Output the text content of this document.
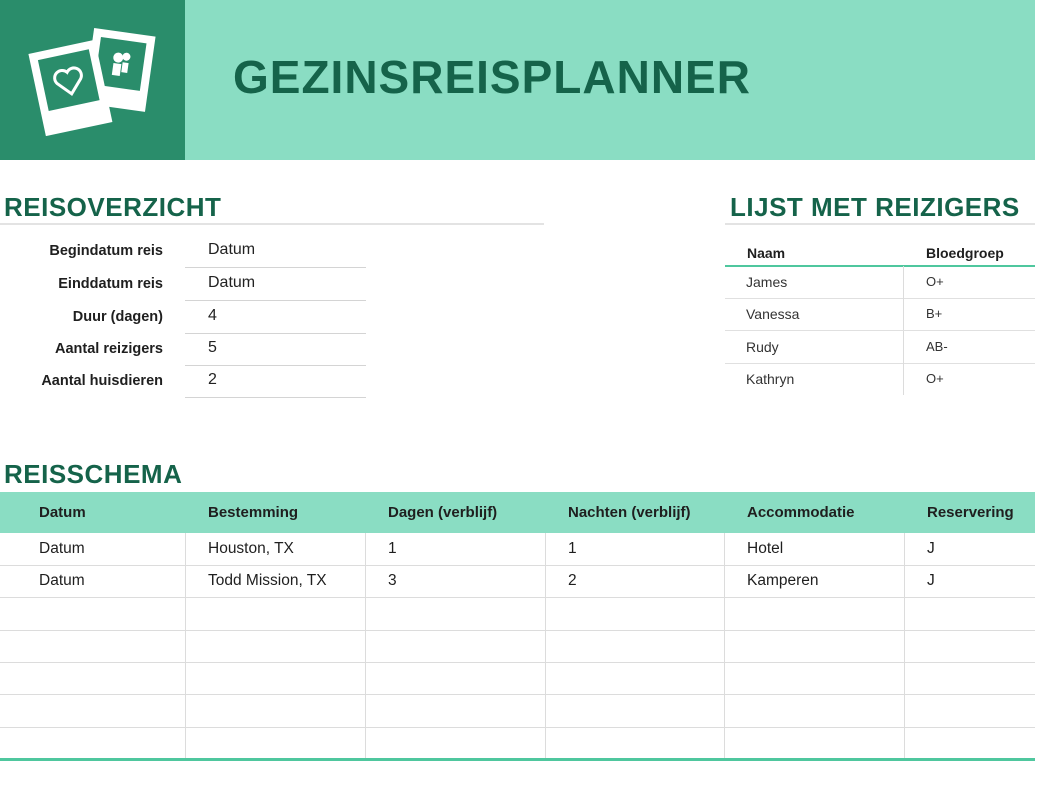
GEZINSREISPLANNER
REISOVERZICHT
Begindatum reis	Datum
Einddatum reis	Datum
Duur (dagen)	4
Aantal reizigers	5
Aantal huisdieren	2
LIJST MET REIZIGERS
Naam	Bloedgroep
James	O+
Vanessa	B+
Rudy	AB-
Kathryn	O+
REISSCHEMA
Datum	Bestemming	Dagen (verblijf)	Nachten (verblijf)	Accommodatie	Reservering
Datum	Houston, TX	1	1	Hotel	J
Datum	Todd Mission, TX	3	2	Kamperen	J
